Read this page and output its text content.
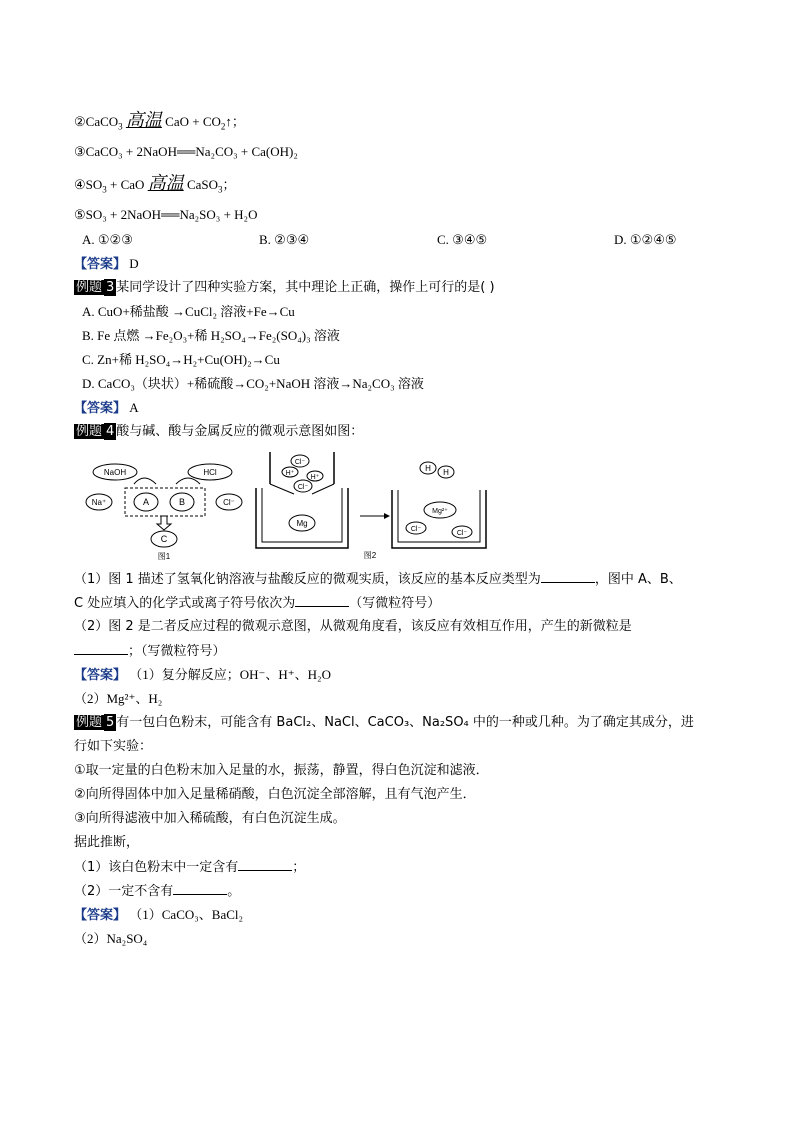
②CaCO$_3$ 高温 CaO + $CO_2↑$；
③CaCO₃ + 2NaOH══Na₂CO₃ + Ca(OH)₂
$④SO_3$ + CaO 高温 CaSO$_3$；
⑤SO₃ + 2NaOH══Na₂SO₃ + H₂O
A. ①②③	B. ②③④	C. ③④⑤	D. ①②④⑤
【答案】 D
例题 3 某同学设计了四种实验方案，其中理论上正确，操作上可行的是( )
A. CuO+稀盐酸 →CuCl₂ 溶液+Fe→Cu
B. Fe 点燃 →Fe₂O₃+稀 H₂SO₄→Fe₂(SO₄)₃ 溶液
C. Zn+稀 H₂SO₄→H₂+Cu(OH)₂→Cu
D. CaCO₃（块状）+稀硫酸→CO₂+NaOH 溶液→Na₂CO₃ 溶液
【答案】 A
例题 4 酸与碱、酸与金属反应的微观示意图如图：
NaOH	HCl
Na⁺	A	B	Cl⁻
C
图1
Cl⁻
H⁺
H⁺
Cl⁻
Mg
图2
H H
Mg²⁺
Cl⁻
Cl⁻
（1）图 1 描述了氢氧化钠溶液与盐酸反应的微观实质，该反应的基本反应类型为	，图中 A、B、
C 处应填入的化学式或离子符号依次为	（写微粒符号）
（2）图 2 是二者反应过程的微观示意图，从微观角度看，该反应有效相互作用，产生的新微粒是
；（写微粒符号）
【答案】 （1）复分解反应；OH⁻、H⁺、H₂O
（2）Mg²⁺、H₂
例题 5 有一包白色粉末，可能含有 BaCl₂、NaCl、CaCO₃、Na₂SO₄ 中的一种或几种。为了确定其成分，进
行如下实验：
①取一定量的白色粉末加入足量的水，振荡，静置，得白色沉淀和滤液．
②向所得固体中加入足量稀硝酸，白色沉淀全部溶解，且有气泡产生．
③向所得滤液中加入稀硫酸，有白色沉淀生成。
据此推断，
（1）该白色粉末中一定含有	；
（2）一定不含有	。
【答案】 （1）CaCO₃、BaCl₂
（2）Na₂SO₄
